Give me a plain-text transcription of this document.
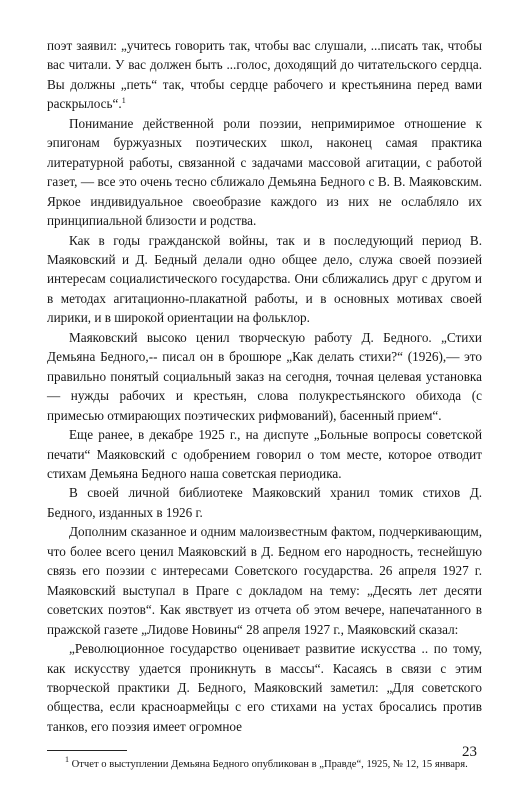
поэт заявил: „учитесь говорить так, чтобы вас слушали, ...писать так, чтобы вас читали. У вас должен быть ...голос, доходящий до читательского сердца. Вы должны „петь“ так, чтобы сердце рабочего и крестьянина перед вами раскрылось“.$^1$

Понимание действенной роли поэзии, непримиримое отношение к эпигонам буржуазных поэтических школ, наконец самая практика литературной работы, связанной с задачами массовой агитации, с работой газет, — все это очень тесно сближало Демьяна Бедного с В. В. Маяковским. Яркое индивидуальное своеобразие каждого из них не ослабляло их принципиальной близости и родства.

Как в годы гражданской войны, так и в последующий период В. Маяковский и Д. Бедный делали одно общее дело, служа своей поэзией интересам социалистического государства. Они сближались друг с другом и в методах агитационно-плакатной работы, и в основных мотивах своей лирики, и в широкой ориентации на фольклор.

Маяковский высоко ценил творческую работу Д. Бедного. „Стихи Демьяна Бедного,-- писал он в брошюре „Как делать стихи?“ (1926),— это правильно понятый социальный заказ на сегодня, точная целевая установка — нужды рабочих и крестьян, слова полукрестьянского обихода (с примесью отмирающих поэтических рифмований), басенный прием“.

Еще ранее, в декабре 1925 г., на диспуте „Больные вопросы советской печати“ Маяковский с одобрением говорил о том месте, которое отводит стихам Демьяна Бедного наша советская периодика.

В своей личной библиотеке Маяковский хранил томик стихов Д. Бедного, изданных в 1926 г.

Дополним сказанное и одним малоизвестным фактом, подчеркивающим, что более всего ценил Маяковский в Д. Бедном его народность, теснейшую связь его поэзии с интересами Советского государства. 26 апреля 1927 г. Маяковский выступал в Праге с докладом на тему: „Десять лет десяти советских поэтов“. Как явствует из отчета об этом вечере, напечатанного в пражской газете „Лидове Новины“ 28 апреля 1927 г., Маяковский сказал:

„Революционное государство оценивает развитие искусства .. по тому, как искусству удается проникнуть в массы“. Касаясь в связи с этим творческой практики Д. Бедного, Маяковский заметил: „Для советского общества, если красноармейцы с его стихами на устах бросались против танков, его поэзия имеет огромное

$^1$ Отчет о выступлении Демьяна Бедного опубликован в „Правде“, 1925, № 12, 15 января.

23
